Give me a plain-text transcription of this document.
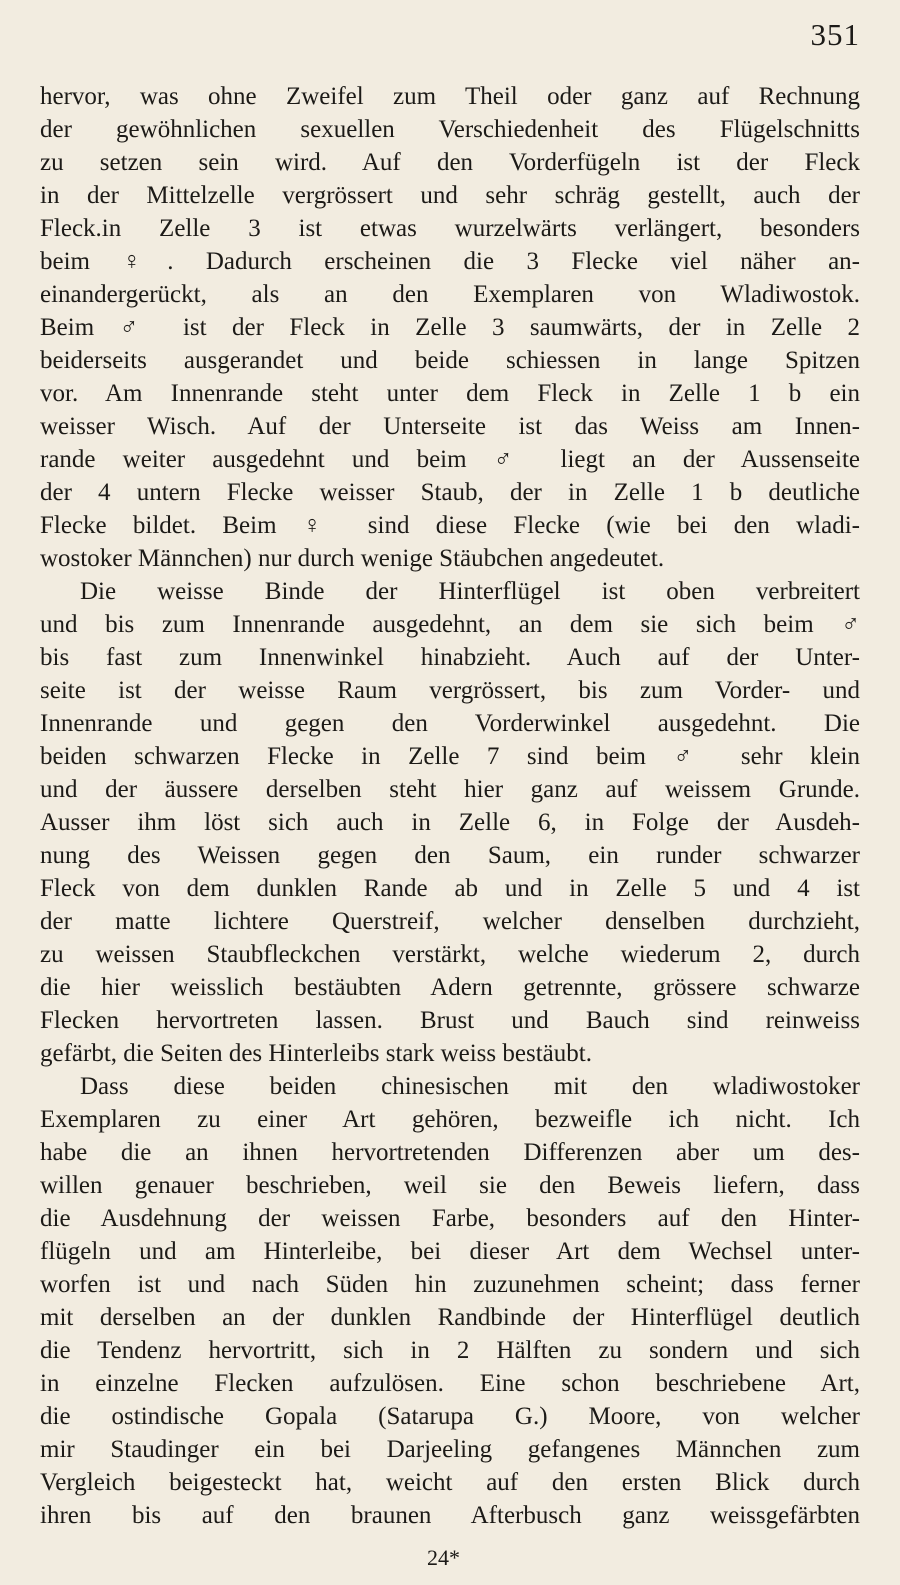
351
hervor, was ohne Zweifel zum Theil oder ganz auf Rechnung
der gewöhnlichen sexuellen Verschiedenheit des Flügelschnitts
zu setzen sein wird. Auf den Vorderfügeln ist der Fleck
in der Mittelzelle vergrössert und sehr schräg gestellt, auch der
Fleck.in Zelle 3 ist etwas wurzelwärts verlängert, besonders
beim ♀. Dadurch erscheinen die 3 Flecke viel näher an-
einandergerückt, als an den Exemplaren von Wladiwostok.
Beim ♂ ist der Fleck in Zelle 3 saumwärts, der in Zelle 2
beiderseits ausgerandet und beide schiessen in lange Spitzen
vor. Am Innenrande steht unter dem Fleck in Zelle 1 b ein
weisser Wisch. Auf der Unterseite ist das Weiss am Innen-
rande weiter ausgedehnt und beim ♂ liegt an der Aussenseite
der 4 untern Flecke weisser Staub, der in Zelle 1 b deutliche
Flecke bildet. Beim ♀ sind diese Flecke (wie bei den wladi-
wostoker Männchen) nur durch wenige Stäubchen angedeutet.
Die weisse Binde der Hinterflügel ist oben verbreitert
und bis zum Innenrande ausgedehnt, an dem sie sich beim ♂
bis fast zum Innenwinkel hinabzieht. Auch auf der Unter-
seite ist der weisse Raum vergrössert, bis zum Vorder- und
Innenrande und gegen den Vorderwinkel ausgedehnt. Die
beiden schwarzen Flecke in Zelle 7 sind beim ♂ sehr klein
und der äussere derselben steht hier ganz auf weissem Grunde.
Ausser ihm löst sich auch in Zelle 6, in Folge der Ausdeh-
nung des Weissen gegen den Saum, ein runder schwarzer
Fleck von dem dunklen Rande ab und in Zelle 5 und 4 ist
der matte lichtere Querstreif, welcher denselben durchzieht,
zu weissen Staubfleckchen verstärkt, welche wiederum 2, durch
die hier weisslich bestäubten Adern getrennte, grössere schwarze
Flecken hervortreten lassen. Brust und Bauch sind reinweiss
gefärbt, die Seiten des Hinterleibs stark weiss bestäubt.
Dass diese beiden chinesischen mit den wladiwostoker
Exemplaren zu einer Art gehören, bezweifle ich nicht. Ich
habe die an ihnen hervortretenden Differenzen aber um des-
willen genauer beschrieben, weil sie den Beweis liefern, dass
die Ausdehnung der weissen Farbe, besonders auf den Hinter-
flügeln und am Hinterleibe, bei dieser Art dem Wechsel unter-
worfen ist und nach Süden hin zuzunehmen scheint; dass ferner
mit derselben an der dunklen Randbinde der Hinterflügel deutlich
die Tendenz hervortritt, sich in 2 Hälften zu sondern und sich
in einzelne Flecken aufzulösen. Eine schon beschriebene Art,
die ostindische Gopala (Satarupa G.) Moore, von welcher
mir Staudinger ein bei Darjeeling gefangenes Männchen zum
Vergleich beigesteckt hat, weicht auf den ersten Blick durch
ihren bis auf den braunen Afterbusch ganz weissgefärbten
24*
